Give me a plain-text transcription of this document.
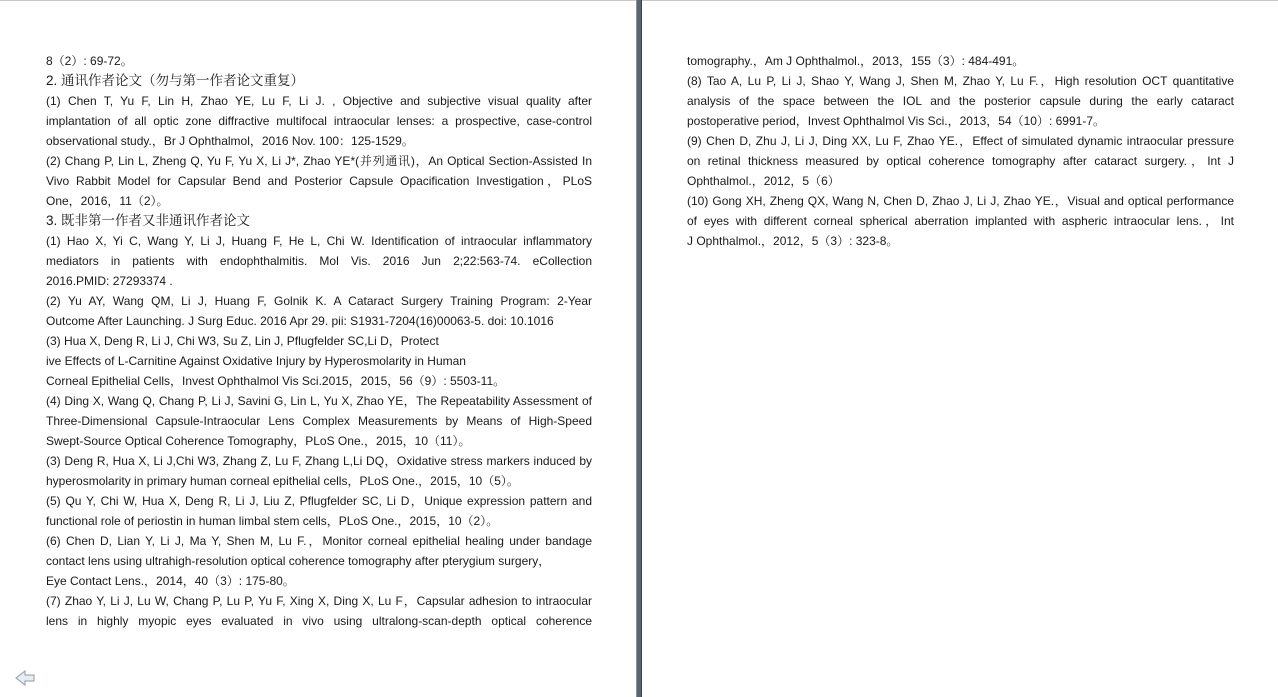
8（2）: 69-72。
2. 通讯作者论文（勿与第一作者论文重复）
(1) Chen T, Yu F, Lin H, Zhao YE, Lu F, Li J. , Objective and subjective visual quality after
implantation of all optic zone diffractive multifocal intraocular lenses: a prospective, case-control
observational study.，Br J Ophthalmol，2016 Nov. 100：125-1529。
(2) Chang P, Lin L, Zheng Q, Yu F, Yu X, Li J*, Zhao YE*(并列通讯)，An Optical Section-Assisted In
Vivo Rabbit Model for Capsular Bend and Posterior Capsule Opacification Investigation，PLoS
One，2016，11（2）。
3. 既非第一作者又非通讯作者论文
(1) Hao X, Yi C, Wang Y, Li J, Huang F, He L, Chi W. Identification of intraocular inflammatory
mediators in patients with endophthalmitis. Mol Vis. 2016 Jun 2;22:563-74. eCollection
2016.PMID: 27293374 .
(2) Yu AY, Wang QM, Li J, Huang F, Golnik K. A Cataract Surgery Training Program: 2-Year
Outcome After Launching. J Surg Educ. 2016 Apr 29. pii: S1931-7204(16)00063-5. doi: 10.1016
(3) Hua X, Deng R, Li J, Chi W3, Su Z, Lin J, Pflugfelder SC,Li D，Protect
ive Effects of L-Carnitine Against Oxidative Injury by Hyperosmolarity in Human
Corneal Epithelial Cells，Invest Ophthalmol Vis Sci.2015，2015，56（9）: 5503-11。
(4) Ding X, Wang Q, Chang P, Li J, Savini G, Lin L, Yu X, Zhao YE，The Repeatability Assessment of
Three-Dimensional Capsule-Intraocular Lens Complex Measurements by Means of High-Speed
Swept-Source Optical Coherence Tomography，PLoS One.，2015，10（11）。
(3) Deng R, Hua X, Li J,Chi W3, Zhang Z, Lu F, Zhang L,Li DQ，Oxidative stress markers induced by
hyperosmolarity in primary human corneal epithelial cells，PLoS One.，2015，10（5）。
(5) Qu Y, Chi W, Hua X, Deng R, Li J, Liu Z, Pflugfelder SC, Li D，Unique expression pattern and
functional role of periostin in human limbal stem cells，PLoS One.，2015，10（2）。
(6) Chen D, Lian Y, Li J, Ma Y, Shen M, Lu F.，Monitor corneal epithelial healing under bandage
contact lens using ultrahigh-resolution optical coherence tomography after pterygium surgery，
Eye Contact Lens.，2014，40（3）: 175-80。
(7) Zhao Y, Li J, Lu W, Chang P, Lu P, Yu F, Xing X, Ding X, Lu F，Capsular adhesion to intraocular
lens in highly myopic eyes evaluated in vivo using ultralong-scan-depth optical coherence
tomography.，Am J Ophthalmol.，2013，155（3）: 484-491。
(8) Tao A, Lu P, Li J, Shao Y, Wang J, Shen M, Zhao Y, Lu F.，High resolution OCT quantitative
analysis of the space between the IOL and the posterior capsule during the early cataract
postoperative period，Invest Ophthalmol Vis Sci.，2013，54（10）: 6991-7。
(9) Chen D, Zhu J, Li J, Ding XX, Lu F, Zhao YE.，Effect of simulated dynamic intraocular pressure
on retinal thickness measured by optical coherence tomography after cataract surgery.，Int J
Ophthalmol.，2012，5（6）
(10) Gong XH, Zheng QX, Wang N, Chen D, Zhao J, Li J, Zhao YE.，Visual and optical performance
of eyes with different corneal spherical aberration implanted with aspheric intraocular lens.，Int
J Ophthalmol.，2012，5（3）: 323-8。
